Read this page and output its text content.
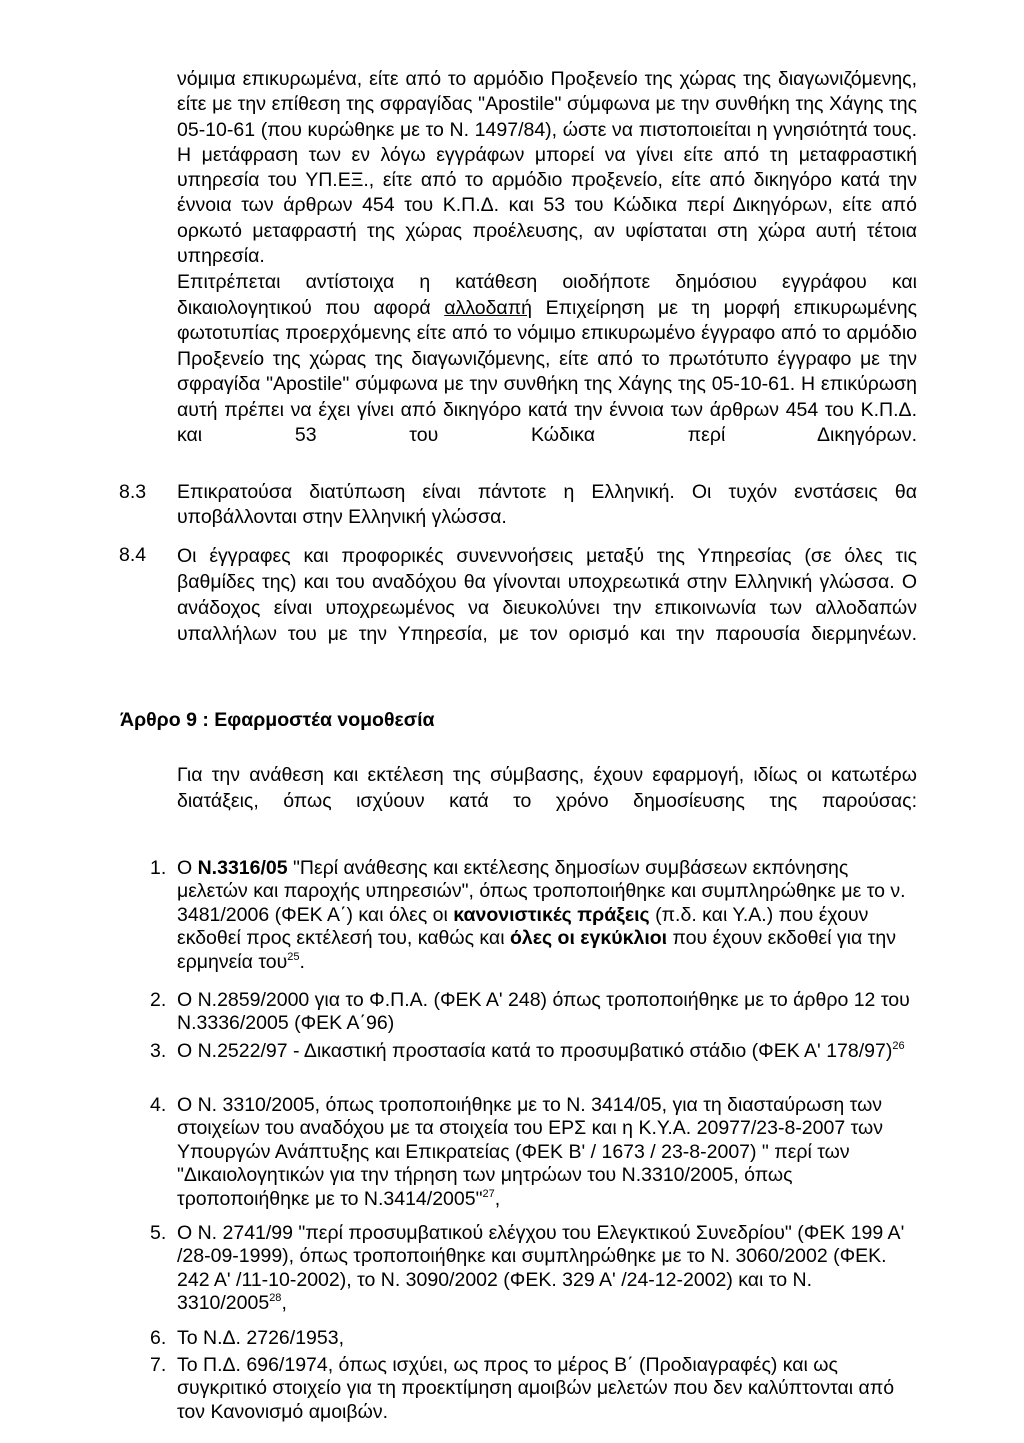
νόμιμα επικυρωμένα, είτε από το αρμόδιο Προξενείο της χώρας της διαγωνιζόμενης, είτε με την επίθεση της σφραγίδας "Apostile" σύμφωνα με την συνθήκη της Χάγης της 05-10-61 (που κυρώθηκε με το Ν. 1497/84), ώστε να πιστοποιείται η γνησιότητά τους. Η μετάφραση των εν λόγω εγγράφων μπορεί να γίνει είτε από τη μεταφραστική υπηρεσία του ΥΠ.ΕΞ., είτε από το αρμόδιο προξενείο, είτε από δικηγόρο κατά την έννοια των άρθρων 454 του Κ.Π.Δ. και 53 του Κώδικα περί Δικηγόρων, είτε από ορκωτό μεταφραστή της χώρας προέλευσης, αν υφίσταται στη χώρα αυτή τέτοια υπηρεσία.

Επιτρέπεται αντίστοιχα η κατάθεση οιοδήποτε δημόσιου εγγράφου και δικαιολογητικού που αφορά αλλοδαπή Επιχείρηση με τη μορφή επικυρωμένης φωτοτυπίας προερχόμενης είτε από το νόμιμο επικυρωμένο έγγραφο από το αρμόδιο Προξενείο της χώρας της διαγωνιζόμενης, είτε από το πρωτότυπο έγγραφο με την σφραγίδα "Apostile" σύμφωνα με την συνθήκη της Χάγης της 05-10-61. Η επικύρωση αυτή πρέπει να έχει γίνει από δικηγόρο κατά την έννοια των άρθρων 454 του Κ.Π.Δ. και 53 του Κώδικα περί Δικηγόρων.

8.3 Επικρατούσα διατύπωση είναι πάντοτε η Ελληνική. Οι τυχόν ενστάσεις θα υποβάλλονται στην Ελληνική γλώσσα.

8.4 Οι έγγραφες και προφορικές συνεννοήσεις μεταξύ της Υπηρεσίας (σε όλες τις βαθμίδες της) και του αναδόχου θα γίνονται υποχρεωτικά στην Ελληνική γλώσσα. Ο ανάδοχος είναι υποχρεωμένος να διευκολύνει την επικοινωνία των αλλοδαπών υπαλλήλων του με την Υπηρεσία, με τον ορισμό και την παρουσία διερμηνέων.

Άρθρο 9 : Εφαρμοστέα νομοθεσία

Για την ανάθεση και εκτέλεση της σύμβασης, έχουν εφαρμογή, ιδίως οι κατωτέρω διατάξεις, όπως ισχύουν κατά το χρόνο δημοσίευσης της παρούσας:

1. Ο Ν.3316/05 "Περί ανάθεσης και εκτέλεσης δημοσίων συμβάσεων εκπόνησης μελετών και παροχής υπηρεσιών", όπως τροποποιήθηκε και συμπληρώθηκε με το ν. 3481/2006 (ΦΕΚ Α΄) και όλες οι κανονιστικές πράξεις (π.δ. και Υ.Α.) που έχουν εκδοθεί προς εκτέλεσή του, καθώς και όλες οι εγκύκλιοι που έχουν εκδοθεί για την ερμηνεία του$^{25}$.
2. Ο Ν.2859/2000 για το Φ.Π.Α. (ΦΕΚ Α' 248) όπως τροποποιήθηκε με το άρθρο 12 του Ν.3336/2005 (ΦΕΚ Α΄96)
3. Ο Ν.2522/97 - Δικαστική προστασία κατά το προσυμβατικό στάδιο (ΦΕΚ Α' 178/97)$^{26}$
4. Ο Ν. 3310/2005, όπως τροποποιήθηκε με το Ν. 3414/05, για τη διασταύρωση των στοιχείων του αναδόχου με τα στοιχεία του ΕΡΣ και η Κ.Υ.Α. 20977/23-8-2007 των Υπουργών Ανάπτυξης και Επικρατείας (ΦΕΚ Β' / 1673 / 23-8-2007) " περί των "Δικαιολογητικών για την τήρηση των μητρώων του Ν.3310/2005, όπως τροποποιήθηκε με το Ν.3414/2005"$^{27}$,
5. Ο Ν. 2741/99 "περί προσυμβατικού ελέγχου του Ελεγκτικού Συνεδρίου" (ΦΕΚ 199 Α' /28-09-1999), όπως τροποποιήθηκε και συμπληρώθηκε με το Ν. 3060/2002 (ΦΕΚ. 242 Α' /11-10-2002), το Ν. 3090/2002 (ΦΕΚ. 329 Α' /24-12-2002) και το Ν. 3310/2005$^{28}$,
6. Το Ν.Δ. 2726/1953,
7. Το Π.Δ. 696/1974, όπως ισχύει, ως προς το μέρος Β΄ (Προδιαγραφές) και ως συγκριτικό στοιχείο για τη προεκτίμηση αμοιβών μελετών που δεν καλύπτονται από τον Κανονισμό αμοιβών.
